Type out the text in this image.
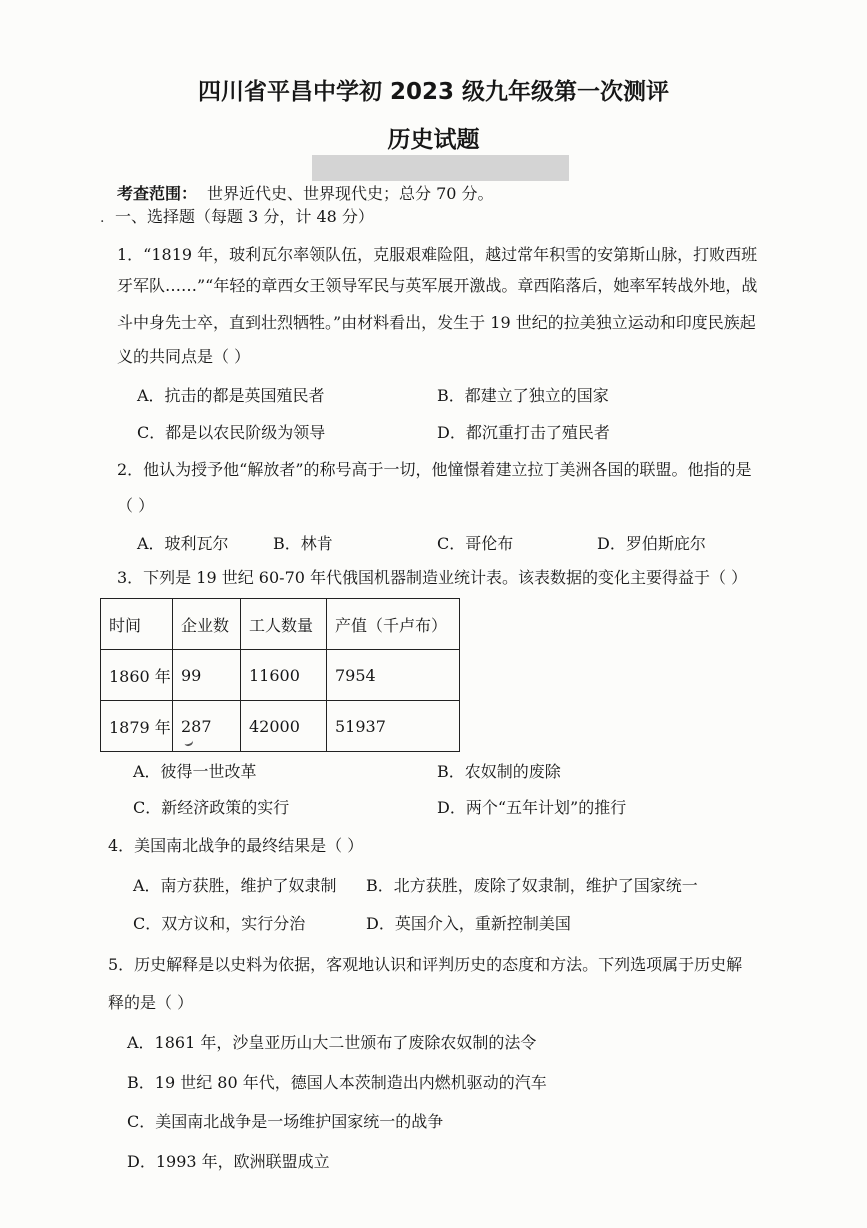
四川省平昌中学初 2023 级九年级第一次测评
历史试题
考查范围： 世界近代史、世界现代史；总分 70 分。
. 一、选择题（每题 3 分，计 48 分）
1．“1819 年，玻利瓦尔率领队伍，克服艰难险阻，越过常年积雪的安第斯山脉，打败西班
牙军队……”“年轻的章西女王领导军民与英军展开激战。章西陷落后，她率军转战外地，战
斗中身先士卒，直到壮烈牺牲。”由材料看出，发生于 19 世纪的拉美独立运动和印度民族起
义的共同点是（ ）
A．抗击的都是英国殖民者	B．都建立了独立的国家
C．都是以农民阶级为领导	D．都沉重打击了殖民者
2．他认为授予他“解放者”的称号高于一切，他憧憬着建立拉丁美洲各国的联盟。他指的是
（ ）
A．玻利瓦尔	B．林肯	C．哥伦布	D．罗伯斯庇尔
3．下列是 19 世纪 60-70 年代俄国机器制造业统计表。该表数据的变化主要得益于（ ）
时间	企业数	工人数量	产值（千卢布）
1860 年	99	11600	7954
1879 年	287	42000	51937
A．彼得一世改革	B．农奴制的废除
C．新经济政策的实行	D．两个“五年计划”的推行
4．美国南北战争的最终结果是（ ）
A．南方获胜，维护了奴隶制 B．北方获胜，废除了奴隶制，维护了国家统一
C．双方议和，实行分治	D．英国介入，重新控制美国
5．历史解释是以史料为依据，客观地认识和评判历史的态度和方法。下列选项属于历史解
释的是（ ）
A．1861 年，沙皇亚历山大二世颁布了废除农奴制的法令
B．19 世纪 80 年代，德国人本茨制造出内燃机驱动的汽车
C．美国南北战争是一场维护国家统一的战争
D．1993 年，欧洲联盟成立
